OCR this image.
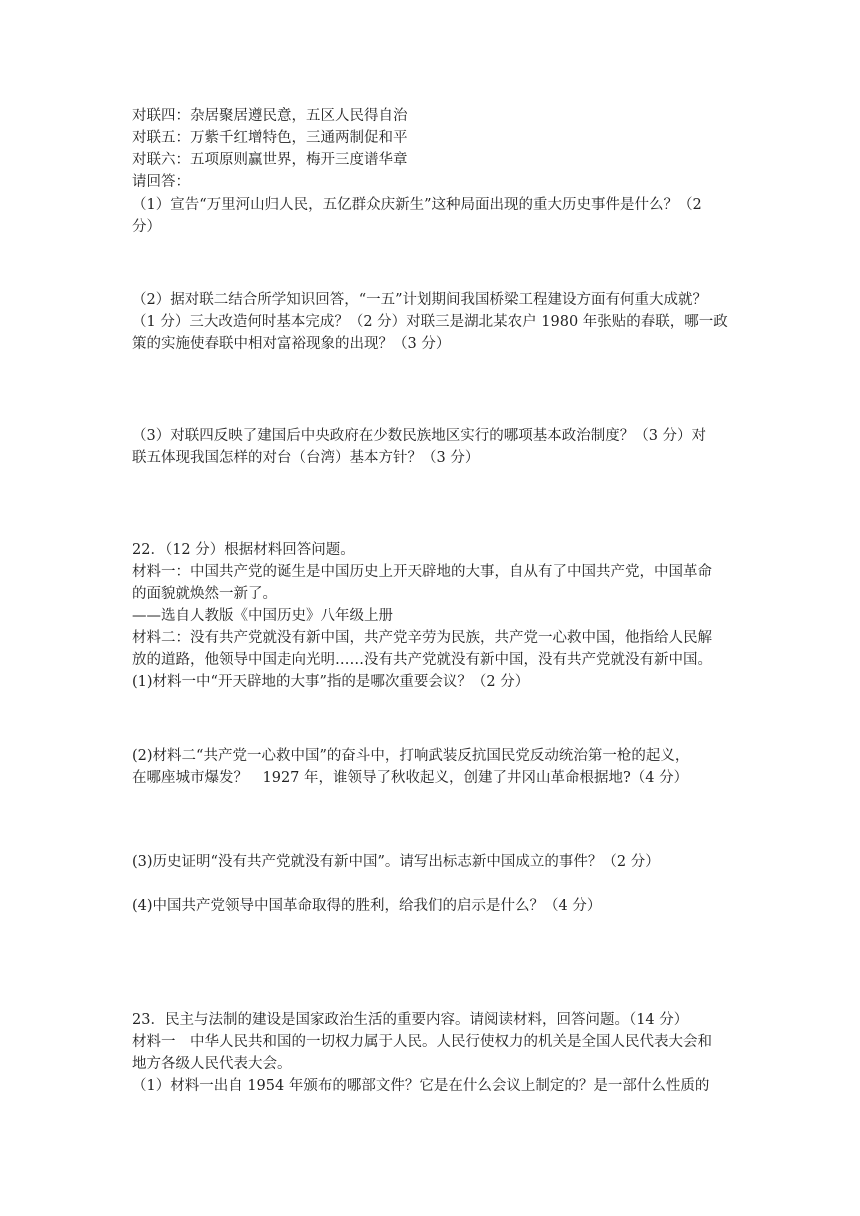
对联四：杂居聚居遵民意，五区人民得自治
对联五：万紫千红增特色，三通两制促和平
对联六：五项原则赢世界，梅开三度谱华章
请回答：
（1）宣告“万里河山归人民，五亿群众庆新生”这种局面出现的重大历史事件是什么？（2
分）
（2）据对联二结合所学知识回答，“一五”计划期间我国桥梁工程建设方面有何重大成就？
（1 分）三大改造何时基本完成？（2 分）对联三是湖北某农户 1980 年张贴的春联，哪一政
策的实施使春联中相对富裕现象的出现？（3 分）
（3）对联四反映了建国后中央政府在少数民族地区实行的哪项基本政治制度？（3 分）对
联五体现我国怎样的对台（台湾）基本方针？（3 分）
22．（12 分）根据材料回答问题。
材料一：中国共产党的诞生是中国历史上开天辟地的大事，自从有了中国共产党，中国革命
的面貌就焕然一新了。
——选自人教版《中国历史》八年级上册
材料二：没有共产党就没有新中国，共产党辛劳为民族，共产党一心救中国，他指给人民解
放的道路，他领导中国走向光明……没有共产党就没有新中国，没有共产党就没有新中国。
(1)材料一中“开天辟地的大事”指的是哪次重要会议？（2 分）
(2)材料二“共产党一心救中国”的奋斗中，打响武装反抗国民党反动统治第一枪的起义，
在哪座城市爆发？　1927 年，谁领导了秋收起义，创建了井冈山革命根据地?（4 分）
(3)历史证明“没有共产党就没有新中国”。请写出标志新中国成立的事件？（2 分）
(4)中国共产党领导中国革命取得的胜利，给我们的启示是什么？（4 分）
23．民主与法制的建设是国家政治生活的重要内容。请阅读材料，回答问题。（14 分）
材料一　中华人民共和国的一切权力属于人民。人民行使权力的机关是全国人民代表大会和
地方各级人民代表大会。
（1）材料一出自 1954 年颁布的哪部文件？它是在什么会议上制定的？是一部什么性质的
